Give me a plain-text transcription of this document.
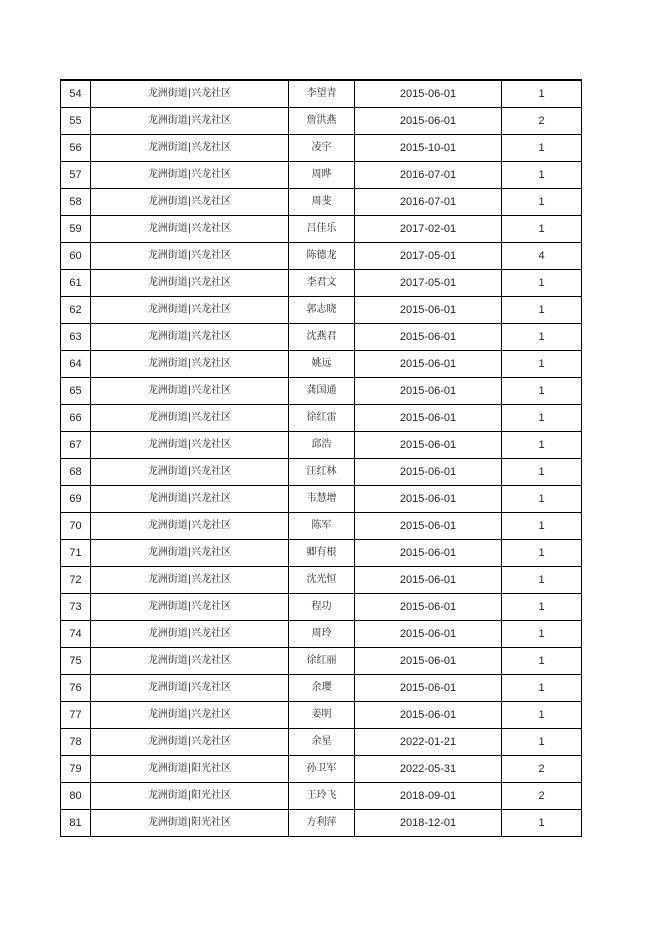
54	龙洲街道|兴龙社区	李望青	2015-06-01	1
55	龙洲街道|兴龙社区	詹洪燕	2015-06-01	2
56	龙洲街道|兴龙社区	凌宇	2015-10-01	1
57	龙洲街道|兴龙社区	周晔	2016-07-01	1
58	龙洲街道|兴龙社区	周斐	2016-07-01	1
59	龙洲街道|兴龙社区	吕佳乐	2017-02-01	1
60	龙洲街道|兴龙社区	陈德龙	2017-05-01	4
61	龙洲街道|兴龙社区	李君文	2017-05-01	1
62	龙洲街道|兴龙社区	郭志晓	2015-06-01	1
63	龙洲街道|兴龙社区	沈燕君	2015-06-01	1
64	龙洲街道|兴龙社区	姚远	2015-06-01	1
65	龙洲街道|兴龙社区	龚国通	2015-06-01	1
66	龙洲街道|兴龙社区	徐红雷	2015-06-01	1
67	龙洲街道|兴龙社区	邱浩	2015-06-01	1
68	龙洲街道|兴龙社区	汪红林	2015-06-01	1
69	龙洲街道|兴龙社区	韦慧增	2015-06-01	1
70	龙洲街道|兴龙社区	陈军	2015-06-01	1
71	龙洲街道|兴龙社区	卿有根	2015-06-01	1
72	龙洲街道|兴龙社区	沈光恒	2015-06-01	1
73	龙洲街道|兴龙社区	程功	2015-06-01	1
74	龙洲街道|兴龙社区	周玲	2015-06-01	1
75	龙洲街道|兴龙社区	徐红丽	2015-06-01	1
76	龙洲街道|兴龙社区	余璎	2015-06-01	1
77	龙洲街道|兴龙社区	姜明	2015-06-01	1
78	龙洲街道|兴龙社区	余星	2022-01-21	1
79	龙洲街道|阳光社区	孙卫军	2022-05-31	2
80	龙洲街道|阳光社区	王玲飞	2018-09-01	2
81	龙洲街道|阳光社区	方利萍	2018-12-01	1
